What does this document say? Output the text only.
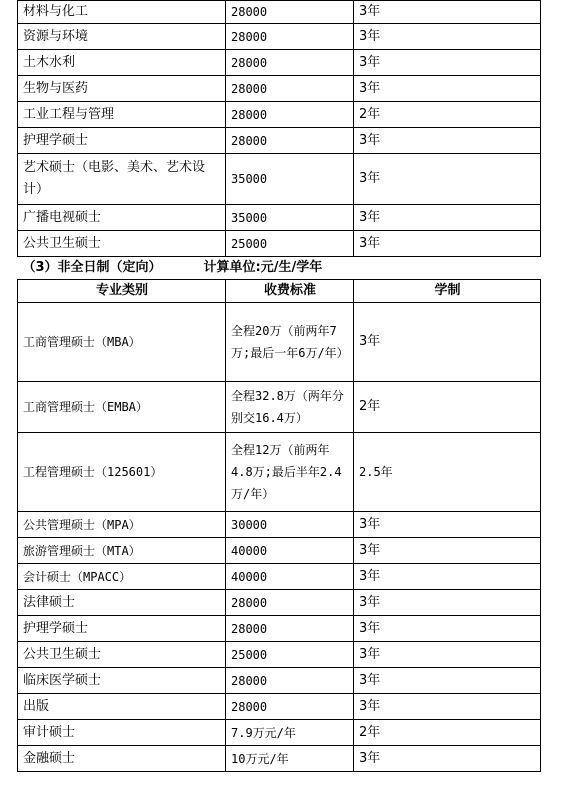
材料与化工	28000	3年
资源与环境	28000	3年
土木水利	28000	3年
生物与医药	28000	3年
工业工程与管理	28000	2年
护理学硕士	28000	3年
艺术硕士（电影、美术、艺术设计）	35000	3年
广播电视硕士	35000	3年
公共卫生硕士	25000	3年
（3）非全日制（定向） 计算单位:元/生/学年		
专业类别	收费标准	学制
工商管理硕士（MBA）	全程20万（前两年7万;最后一年6万/年）	3年
工商管理硕士（EMBA）	全程32.8万（两年分别交16.4万）	2年
工程管理硕士（125601）	全程12万（前两年4.8万;最后半年2.4万/年）	2.5年
公共管理硕士（MPA）	30000	3年
旅游管理硕士（MTA）	40000	3年
会计硕士（MPACC）	40000	3年
法律硕士	28000	3年
护理学硕士	28000	3年
公共卫生硕士	25000	3年
临床医学硕士	28000	3年
出版	28000	3年
审计硕士	7.9万元/年	2年
金融硕士	10万元/年	3年
